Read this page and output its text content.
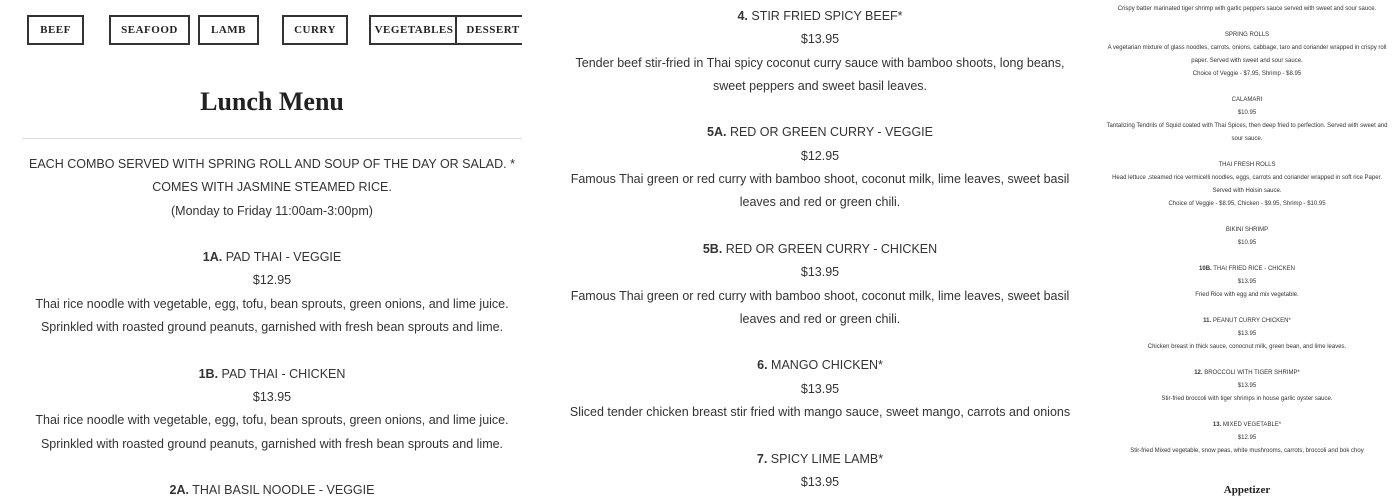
BEEF	SEAFOOD	LAMB	CURRY	VEGETABLES	DESSERT
Lunch Menu

EACH COMBO SERVED WITH SPRING ROLL AND SOUP OF THE DAY OR SALAD. * COMES WITH JASMINE STEAMED RICE.

(Monday to Friday 11:00am-3:00pm)

1A. PAD THAI - VEGGIE

$12.95

Thai rice noodle with vegetable, egg, tofu, bean sprouts, green onions, and lime juice. Sprinkled with roasted ground peanuts, garnished with fresh bean sprouts and lime.

1B. PAD THAI - CHICKEN

$13.95

Thai rice noodle with vegetable, egg, tofu, bean sprouts, green onions, and lime juice. Sprinkled with roasted ground peanuts, garnished with fresh bean sprouts and lime.

2A. THAI BASIL NOODLE - VEGGIE

4. STIR FRIED SPICY BEEF*

$13.95

Tender beef stir-fried in Thai spicy coconut curry sauce with bamboo shoots, long beans, sweet peppers and sweet basil leaves.

5A. RED OR GREEN CURRY - VEGGIE

$12.95

Famous Thai green or red curry with bamboo shoot, coconut milk, lime leaves, sweet basil leaves and red or green chili.

5B. RED OR GREEN CURRY - CHICKEN

$13.95

Famous Thai green or red curry with bamboo shoot, coconut milk, lime leaves, sweet basil leaves and red or green chili.

6. MANGO CHICKEN*

$13.95

Sliced tender chicken breast stir fried with mango sauce, sweet mango, carrots and onions

7. SPICY LIME LAMB*

$13.95

Crispy batter marinated tiger shrimp with garlic peppers sauce served with sweet and sour sauce.

SPRING ROLLS

A vegetarian mixture of glass noodles, carrots, onions, cabbage, taro and coriander wrapped in crispy roll paper. Served with sweet and sour sauce.

Choice of Veggie - $7.95, Shrimp - $8.95

CALAMARI

$10.95

Tantalizing Tendrils of Squid coated with Thai Spices, then deep fried to perfection. Served with sweet and sour sauce.

THAI FRESH ROLLS

Head lettuce ,steamed rice vermicelli noodles, eggs, carrots and coriander wrapped in soft rice Paper. Served with Hoisin sauce.

Choice of Veggie - $8.95, Chicken - $9.95, Shrimp - $10.95

BIKINI SHRIMP

$10.95

10B. THAI FRIED RICE - CHICKEN

$13.95

Fried Rice with egg and mix vegetable.

11. PEANUT CURRY CHICKEN*

$13.95

Chicken breast in thick sauce, conocnut milk, green bean, and lime leaves.

12. BROCCOLI WITH TIGER SHRIMP*

$13.95

Stir-fried broccoli with tiger shrimps in house garlic oyster sauce.

13. MIXED VEGETABLE*

$12.95

Stir-fried Mixed vegetable, snow peas, white mushrooms, carrots, broccoli and bok choy

Appetizer
